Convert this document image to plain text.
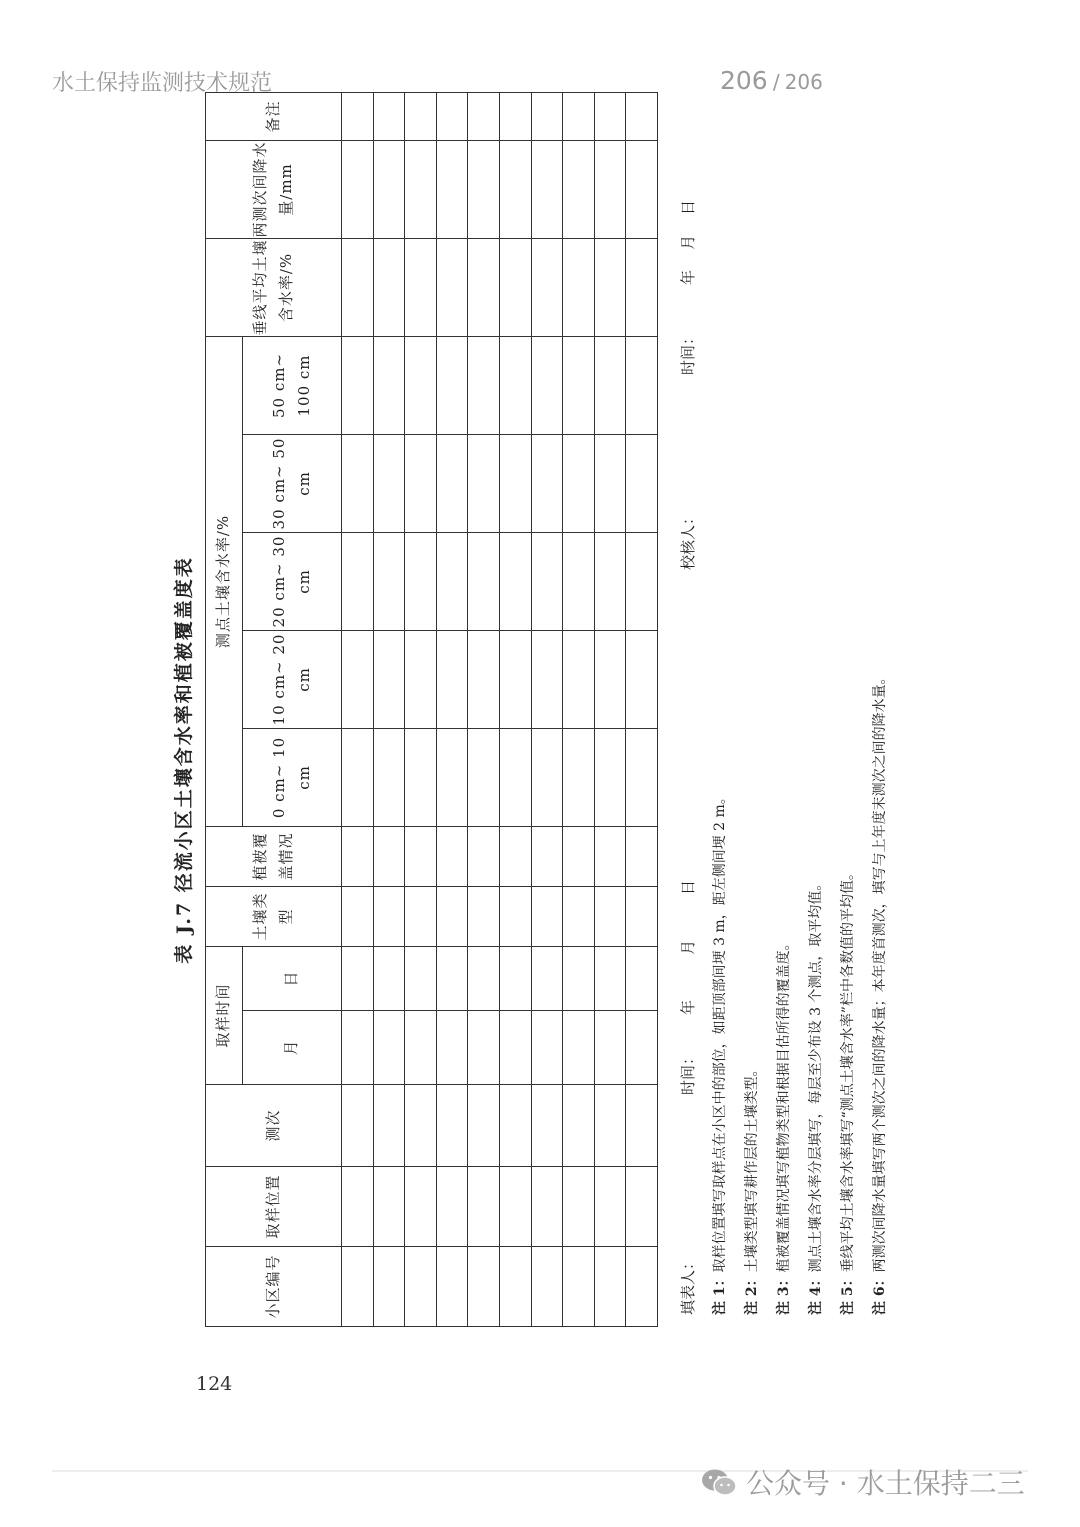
水土保持监测技术规范	206 / 206
表 J.7 径流小区土壤含水率和植被覆盖度表
小区编号	取样位置	测次	取样时间		土壤类型	植被覆盖情况	测点土壤含水率/%					垂线平均土壤含水率/%	两测次间降水量/mm	备注
			月	日			0 cm~ 10 cm	10 cm~ 20 cm	20 cm~ 30 cm	30 cm~ 50 cm	50 cm~ 100 cm			

填表人：
时间：
年
月
日
校核人：
时间：
年
月
日
注 1：取样位置填写取样点在小区中的部位，如距顶部间埂 3 m，距左侧间埂 2 m。
注 2：土壤类型填写耕作层的土壤类型。
注 3：植被覆盖情况填写植物类型和根据目估所得的覆盖度。
注 4：测点土壤含水率分层填写，每层至少布设 3 个测点，取平均值。
注 5：垂线平均土壤含水率填写“测点土壤含水率”栏中各数值的平均值。
注 6：两测次间降水量填写两个测次之间的降水量；本年度首测次，填写与上年度末测次之间的降水量。
124
公众号 · 水土保持二三
